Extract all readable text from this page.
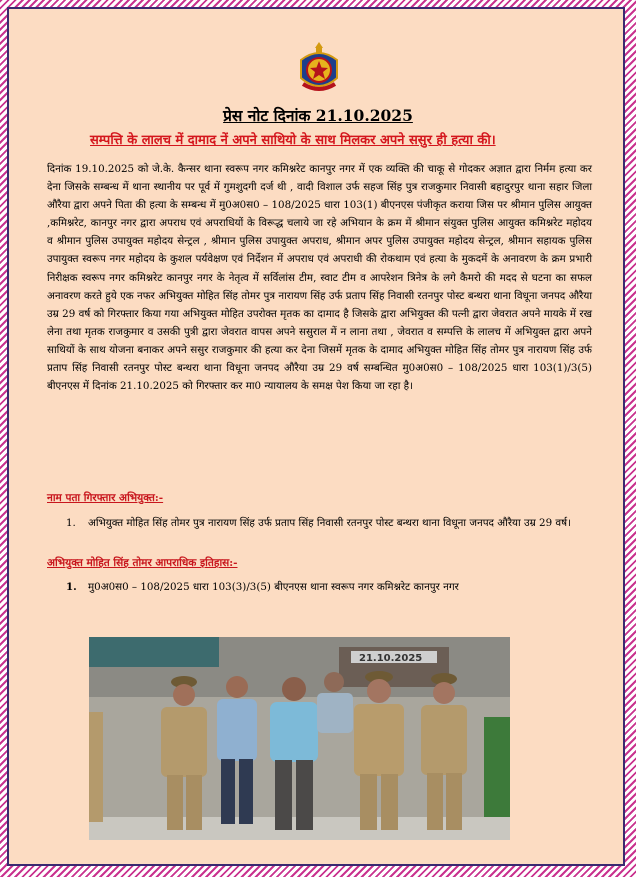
प्रेस नोट दिनांक 21.10.2025
सम्पत्ति के लालच में दामाद नें अपने साथियो के साथ मिलकर अपने ससुर ही हत्या की।
दिनांक 19.10.2025 को जे.के. कैन्सर थाना स्वरूप नगर कमिश्नरेट कानपुर नगर में एक व्यक्ति की चाकू से गोदकर अज्ञात द्वारा निर्मम हत्या कर देना जिसके सम्बन्ध में थाना स्थानीय पर पूर्व में गुमशुदगी दर्ज थी , वादी विशाल उर्फ सहज सिंह पुत्र राजकुमार निवासी बहादुरपुर थाना सहार जिला औरैया द्वारा अपने पिता की हत्या के सम्बन्ध में मु0अ0स0 – 108/2025 धारा 103(1) बीएनएस पंजीकृत कराया जिस पर श्रीमान पुलिस आयुक्त ,कमिश्नरेट, कानपुर नगर द्वारा अपराध एवं अपराधियों के विरूद्ध चलाये जा रहे अभियान के क्रम में श्रीमान संयुक्त पुलिस आयुक्त कमिश्नरेट महोदय व श्रीमान पुलिस उपायुक्त महोदय सेन्ट्रल , श्रीमान पुलिस उपायुक्त अपराध, श्रीमान अपर पुलिस उपायुक्त महोदय सेन्ट्रल, श्रीमान सहायक पुलिस उपायुक्त स्वरूप नगर महोदय के कुशल पर्यवेक्षण एवं निर्देशन में अपराध एवं अपराधी की रोकथाम एवं हत्या के मुकदमें के अनावरण के क्रम प्रभारी निरीक्षक स्वरूप नगर कमिश्नरेट कानपुर नगर के नेतृत्व में सर्विलांस टीम, स्वाट टीम व आपरेशन त्रिनेत्र के लगे कैमरो की मदद से घटना का सफल अनावरण करते हुये एक नफर अभियुक्त मोहित सिंह तोमर पुत्र नारायण सिंह उर्फ प्रताप सिंह निवासी रतनपुर पोस्ट बन्थरा थाना विधूना जनपद औरैया उम्र 29 वर्ष को गिरफ्तार किया गया अभियुक्त मोहित उपरोक्त मृतक का दामाद है जिसके द्वारा अभियुक्त की पत्नी द्वारा जेवरात अपने मायके में रख लेना तथा मृतक राजकुमार व उसकी पुत्री द्वारा जेवरात वापस अपने ससुराल में न लाना तथा , जेवरात व सम्पत्ति के लालच में अभियुक्त द्वारा अपने साथियों के साथ योजना बनाकर अपने ससुर राजकुमार की हत्या कर देना जिसमें मृतक के दामाद अभियुक्त मोहित सिंह तोमर पुत्र नारायण सिंह उर्फ प्रताप सिंह निवासी रतनपुर पोस्ट बन्थरा थाना विधूना जनपद औरैया उम्र 29 वर्ष सम्बन्धित मु0अ0स0 – 108/2025 धारा 103(1)/3(5) बीएनएस में दिनांक 21.10.2025 को गिरफ्तार कर मा0 न्यायालय के समक्ष पेश किया जा रहा है।
नाम पता गिरफ्तार अभियुक्त:-
1. अभियुक्त मोहित सिंह तोमर पुत्र नारायण सिंह उर्फ प्रताप सिंह निवासी रतनपुर पोस्ट बन्थरा थाना विधूना जनपद औरैया उम्र 29 वर्ष।
अभियुक्त मोहित सिंह तोमर आपराधिक इतिहास:-
1. मु0अ0स0 – 108/2025 धारा 103(3)/3(5) बीएनएस थाना स्वरूप नगर कमिश्नरेट कानपुर नगर
21.10.2025
